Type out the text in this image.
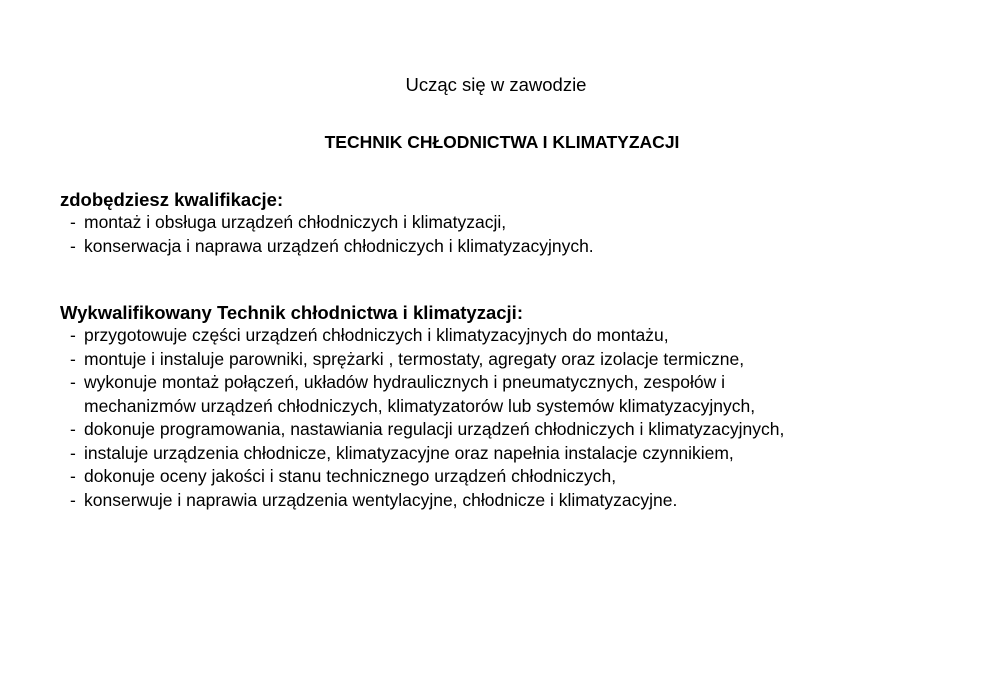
Ucząc się w zawodzie
TECHNIK CHŁODNICTWA I KLIMATYZACJI
zdobędziesz kwalifikacje:
- montaż i obsługa urządzeń chłodniczych i klimatyzacji,
- konserwacja i naprawa urządzeń chłodniczych i klimatyzacyjnych.
Wykwalifikowany Technik chłodnictwa i klimatyzacji:
- przygotowuje części urządzeń chłodniczych i klimatyzacyjnych do montażu,
- montuje i instaluje parowniki, sprężarki , termostaty, agregaty oraz izolacje termiczne,
- wykonuje montaż połączeń, układów hydraulicznych i pneumatycznych, zespołów i
mechanizmów urządzeń chłodniczych, klimatyzatorów lub systemów klimatyzacyjnych,
- dokonuje programowania, nastawiania regulacji urządzeń chłodniczych i klimatyzacyjnych,
- instaluje urządzenia chłodnicze, klimatyzacyjne oraz napełnia instalacje czynnikiem,
- dokonuje oceny jakości i stanu technicznego urządzeń chłodniczych,
- konserwuje i naprawia urządzenia wentylacyjne, chłodnicze i klimatyzacyjne.
